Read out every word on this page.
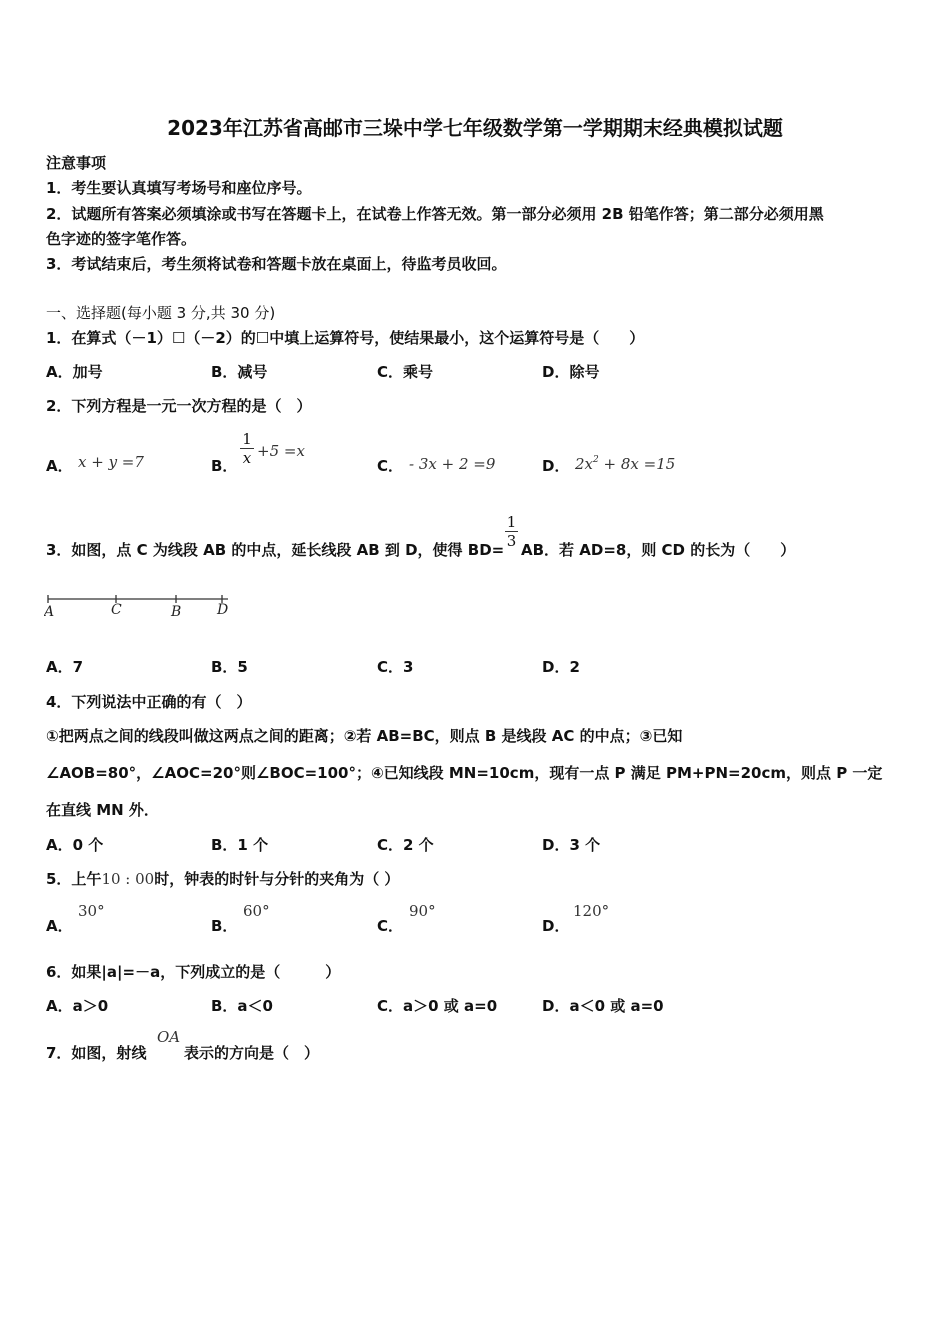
2023年江苏省高邮市三垛中学七年级数学第一学期期末经典模拟试题
注意事项
1．考生要认真填写考场号和座位序号。
2．试题所有答案必须填涂或书写在答题卡上，在试卷上作答无效。第一部分必须用 2B 铅笔作答；第二部分必须用黑
色字迹的签字笔作答。
3．考试结束后，考生须将试卷和答题卡放在桌面上，待监考员收回。
一、选择题(每小题 3 分,共 30 分)
1．在算式（－1）☐（－2）的☐中填上运算符号，使结果最小，这个运算符号是（　　）
A．加号	B．减号	C．乘号	D．除号
2．下列方程是一元一次方程的是（　）
A． x + y =7	B． $\frac{1}{x} +5 =x$
C． - 3x + 2 =9	D． $2x^2 + 8x =15$
3．如图，点 C 为线段 AB 的中点，延长线段 AB 到 D，使得 $BD= \frac{1}{3}$ AB．若 AD=8，则 CD 的长为（　　）
A	C	B	D
A．7	B．5	C．3	D．2
4．下列说法中正确的有（　）
①把两点之间的线段叫做这两点之间的距离；②若 AB=BC，则点 B 是线段 AC 的中点；③已知
∠AOB=80°，∠AOC=20°则∠BOC=100°；④已知线段 MN=10cm，现有一点 P 满足 PM+PN=20cm，则点 P 一定
在直线 MN 外．
A．0 个	B．1 个	C．2 个	D．3 个
5．上午10 : 00时，钟表的时针与分针的夹角为（ ）
A．
30°
B．
60°
C．
90°
D．
120°
6．如果|a|=－a，下列成立的是（　　　）
A．a＞0	B．a＜0	C．a＞0 或 a=0	D．a＜0 或 a=0
7．如图，射线
OA
表示的方向是（　）
